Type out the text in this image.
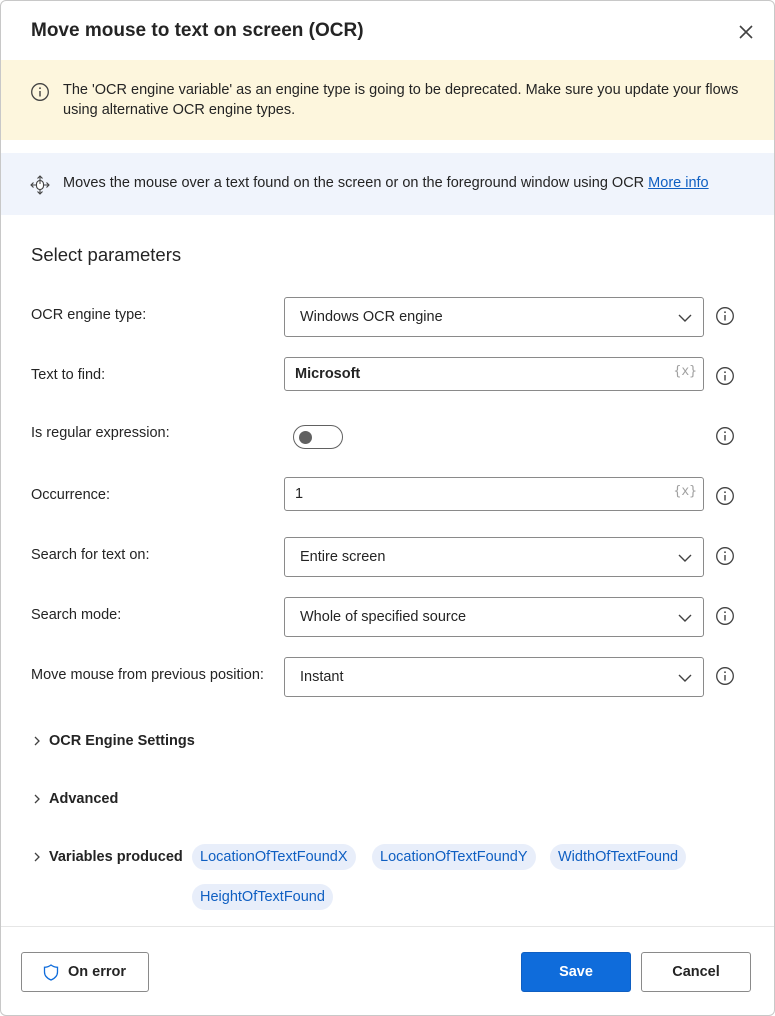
Move mouse to text on screen (OCR)
The 'OCR engine variable' as an engine type is going to be deprecated. Make sure you update your flows using alternative OCR engine types.
Moves the mouse over a text found on the screen or on the foreground window using OCR More info
Select parameters
OCR engine type:	Windows OCR engine
Text to find:	Microsoft	{x}
Is regular expression:
Occurrence:	1	{x}
Search for text on:	Entire screen
Search mode:	Whole of specified source
Move mouse from previous position: Instant
OCR Engine Settings
Advanced
Variables produced	LocationOfTextFoundX	LocationOfTextFoundY	WidthOfTextFound
HeightOfTextFound
On error	Save	Cancel
